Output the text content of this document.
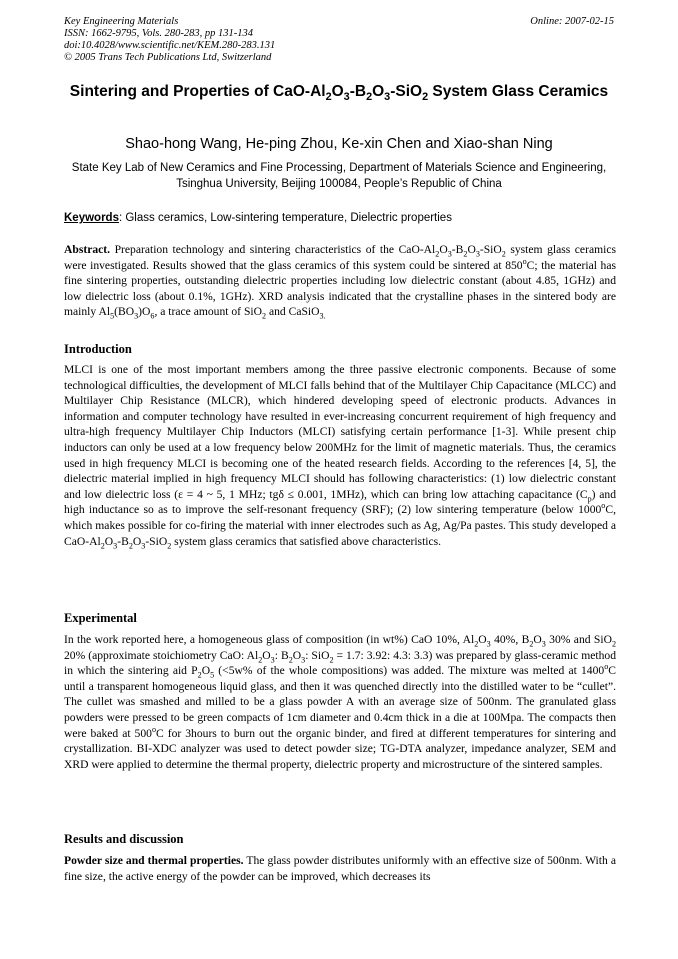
Key Engineering Materials
ISSN: 1662-9795, Vols. 280-283, pp 131-134
doi:10.4028/www.scientific.net/KEM.280-283.131
© 2005 Trans Tech Publications Ltd, Switzerland
Online: 2007-02-15
Sintering and Properties of CaO-$Al_2O_3-B_2O_3-SiO_2$ System Glass Ceramics
Shao-hong Wang, He-ping Zhou, Ke-xin Chen and Xiao-shan Ning
State Key Lab of New Ceramics and Fine Processing, Department of Materials Science and Engineering, Tsinghua University, Beijing 100084, People’s Republic of China
Keywords: Glass ceramics, Low-sintering temperature, Dielectric properties
Abstract. Preparation technology and sintering characteristics of the CaO-$Al_2O_3-B_2O_3-SiO_2$ system glass ceramics were investigated. Results showed that the glass ceramics of this system could be sintered at 850$^o$C; the material has fine sintering properties, outstanding dielectric properties including low dielectric constant (about 4.85, 1GHz) and low dielectric loss (about 0.1%, 1GHz). XRD analysis indicated that the crystalline phases in the sintered body are mainly $Al_5(BO_3)O_6$, a trace amount of SiO$_2$ and CaSiO$_{3.}$
Introduction
MLCI is one of the most important members among the three passive electronic components. Because of some technological difficulties, the development of MLCI falls behind that of the Multilayer Chip Capacitance (MLCC) and Multilayer Chip Resistance (MLCR), which hindered developing speed of electronic products. Advances in information and computer technology have resulted in ever-increasing concurrent requirement of high frequency and ultra-high frequency Multilayer Chip Inductors (MLCI) satisfying certain performance [1-3]. While present chip inductors can only be used at a low frequency below 200MHz for the limit of magnetic materials. Thus, the ceramics used in high frequency MLCI is becoming one of the heated research fields. According to the references [4, 5], the dielectric material implied in high frequency MLCI should has following characteristics: (1) low dielectric constant and low dielectric loss (ε = 4 ~ 5, 1 MHz; tgδ ≤ 0.001, 1MHz), which can bring low attaching capacitance $(C_p)$ and high inductance so as to improve the self-resonant frequency (SRF); (2) low sintering temperature (below 1000$^o$C, which makes possible for co-firing the material with inner electrodes such as Ag, Ag/Pa pastes. This study developed a CaO-$Al_2O_3-B_2O_3-SiO_2$ system glass ceramics that satisfied above characteristics.
Experimental
In the work reported here, a homogeneous glass of composition (in wt%) CaO 10%, $Al_2O_3$ 40%, $B_2O_3$ 30% and SiO$_2$ 20% (approximate stoichiometry CaO: $Al_2O_3$: $B_2O_3$: SiO$_2$ = 1.7: 3.92: 4.3: 3.3) was prepared by glass-ceramic method in which the sintering aid $P_2O_5$ (<5w% of the whole compositions) was added. The mixture was melted at 1400$^o$C until a transparent homogeneous liquid glass, and then it was quenched directly into the distilled water to be “cullet”. The cullet was smashed and milled to be a glass powder A with an average size of 500nm. The granulated glass powders were pressed to be green compacts of 1cm diameter and 0.4cm thick in a die at 100Mpa. The compacts then were baked at 500$^o$C for 3hours to burn out the organic binder, and fired at different temperatures for sintering and crystallization. BI-XDC analyzer was used to detect powder size; TG-DTA analyzer, impedance analyzer, SEM and XRD were applied to determine the thermal property, dielectric property and microstructure of the sintered samples.
Results and discussion
Powder size and thermal properties. The glass powder distributes uniformly with an effective size of 500nm. With a fine size, the active energy of the powder can be improved, which decreases its
